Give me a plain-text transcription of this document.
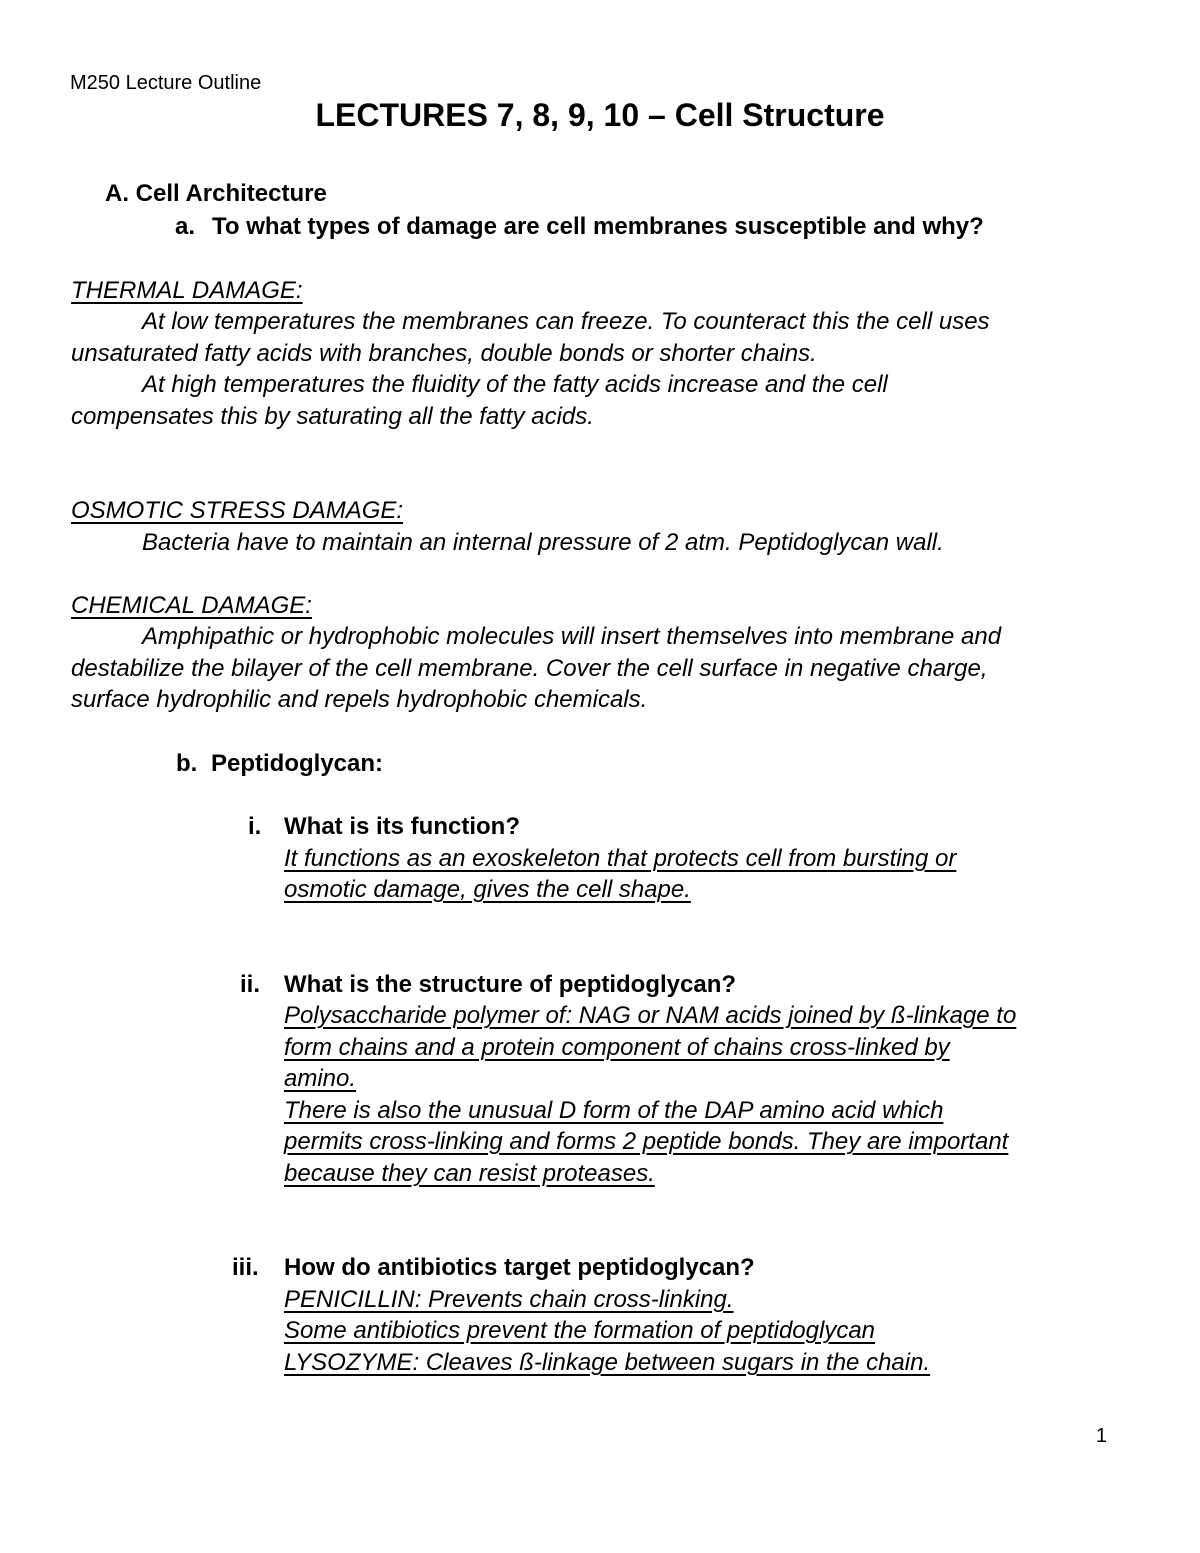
M250 Lecture Outline
LECTURES 7, 8, 9, 10 – Cell Structure
A. Cell Architecture
a. To what types of damage are cell membranes susceptible and why?
THERMAL DAMAGE:
At low temperatures the membranes can freeze. To counteract this the cell uses
unsaturated fatty acids with branches, double bonds or shorter chains.
At high temperatures the fluidity of the fatty acids increase and the cell
compensates this by saturating all the fatty acids.
OSMOTIC STRESS DAMAGE:
Bacteria have to maintain an internal pressure of 2 atm. Peptidoglycan wall.
CHEMICAL DAMAGE:
Amphipathic or hydrophobic molecules will insert themselves into membrane and
destabilize the bilayer of the cell membrane. Cover the cell surface in negative charge,
surface hydrophilic and repels hydrophobic chemicals.
b. Peptidoglycan:
i. What is its function?
It functions as an exoskeleton that protects cell from bursting or
osmotic damage, gives the cell shape.
ii. What is the structure of peptidoglycan?
Polysaccharide polymer of: NAG or NAM acids joined by ß-linkage to
form chains and a protein component of chains cross-linked by
amino.
There is also the unusual D form of the DAP amino acid which
permits cross-linking and forms 2 peptide bonds. They are important
because they can resist proteases.
iii. How do antibiotics target peptidoglycan?
PENICILLIN: Prevents chain cross-linking.
Some antibiotics prevent the formation of peptidoglycan
LYSOZYME: Cleaves ß-linkage between sugars in the chain.
1
